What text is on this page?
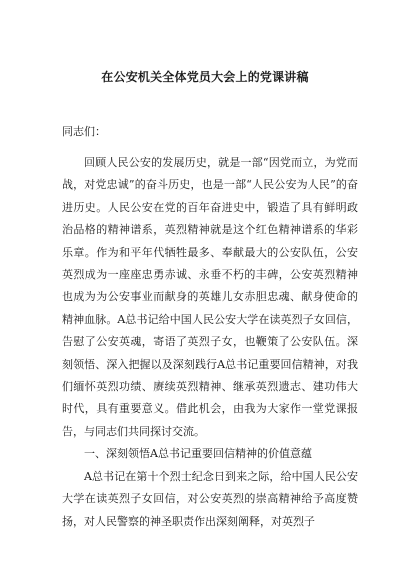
在公安机关全体党员大会上的党课讲稿

同志们：

回顾人民公安的发展历史，就是一部“因党而立，为党而战，对党忠诚”的奋斗历史，也是一部“人民公安为人民”的奋进历史。人民公安在党的百年奋进史中，锻造了具有鲜明政治品格的精神谱系，英烈精神就是这个红色精神谱系的华彩乐章。作为和平年代牺牲最多、奉献最大的公安队伍，公安英烈成为一座座忠勇赤诚、永垂不朽的丰碑，公安英烈精神也成为为公安事业而献身的英雄儿女赤胆忠魂、献身使命的精神血脉。A总书记给中国人民公安大学在读英烈子女回信，告慰了公安英魂，寄语了英烈子女，也鞭策了公安队伍。深刻领悟、深入把握以及深刻践行A总书记重要回信精神，对我们缅怀英烈功绩、赓续英烈精神、继承英烈遗志、建功伟大时代，具有重要意义。借此机会，由我为大家作一堂党课报告，与同志们共同探讨交流。

一、深刻领悟A总书记重要回信精神的价值意蕴

A总书记在第十个烈士纪念日到来之际，给中国人民公安大学在读英烈子女回信，对公安英烈的崇高精神给予高度赞扬，对人民警察的神圣职责作出深刻阐释，对英烈子
